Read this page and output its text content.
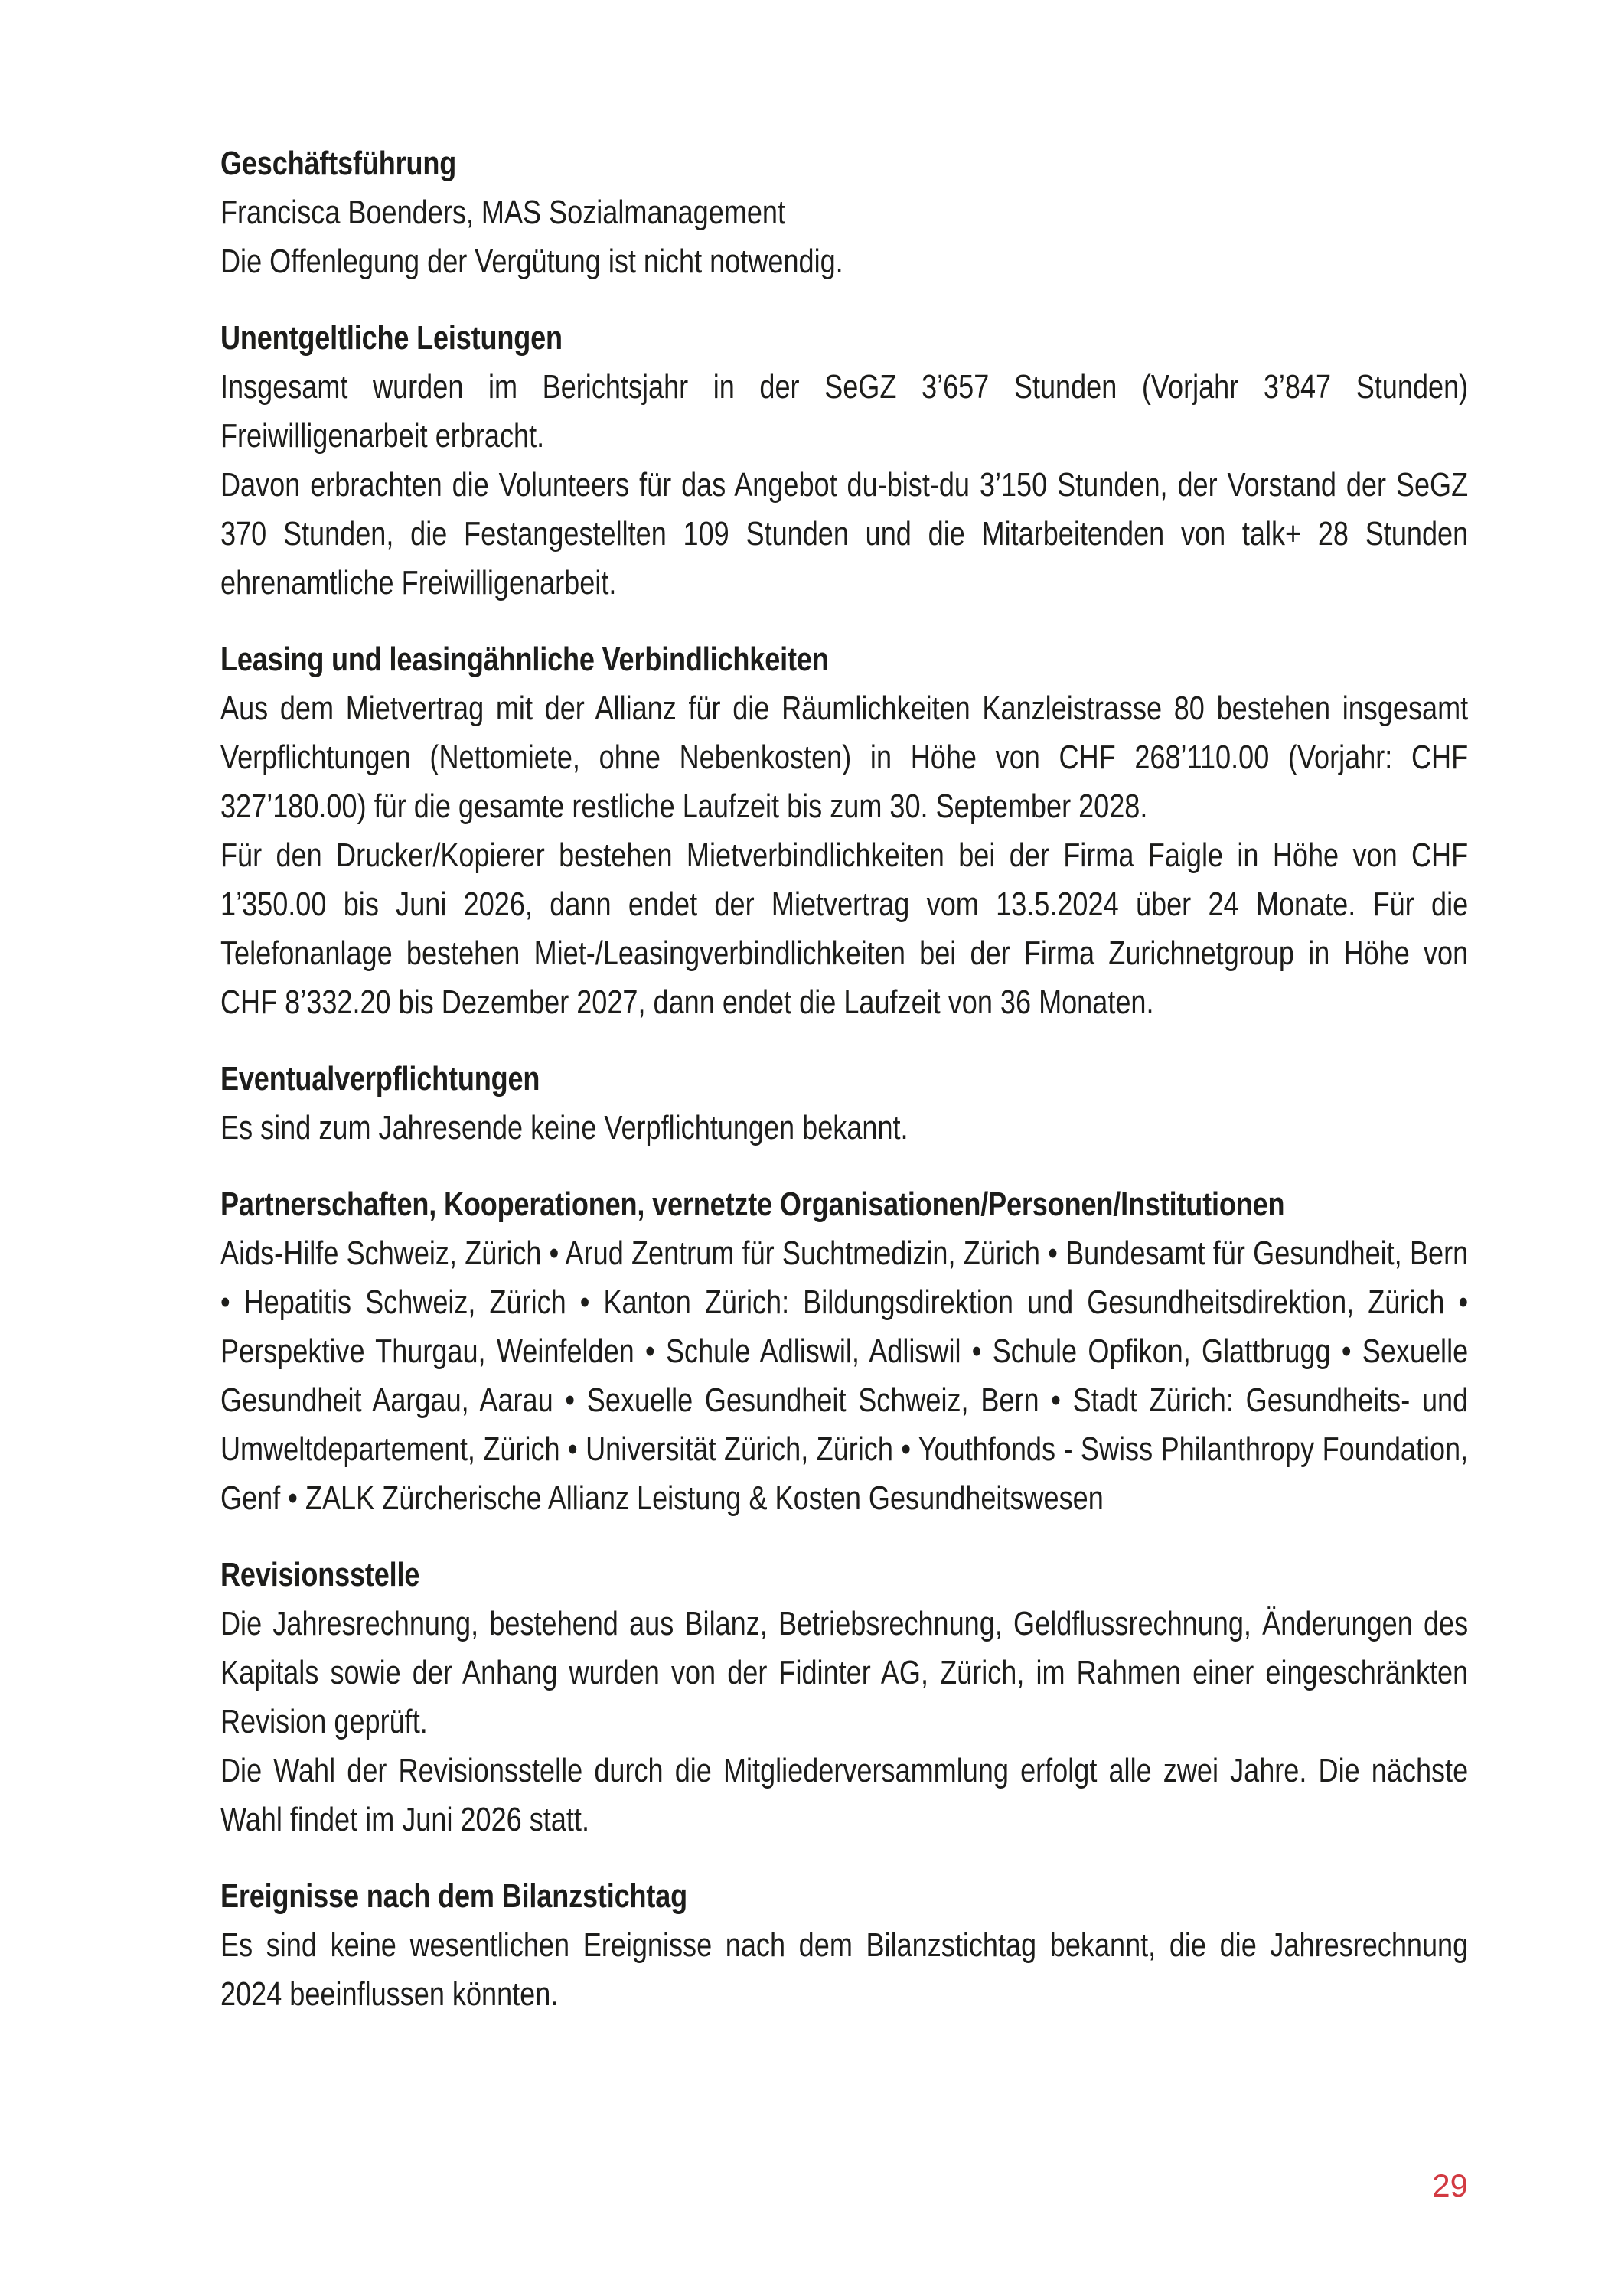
Geschäftsführung

Francisca Boenders, MAS Sozialmanagement

Die Offenlegung der Vergütung ist nicht notwendig.

Unentgeltliche Leistungen

Insgesamt wurden im Berichtsjahr in der SeGZ 3’657 Stunden (Vorjahr 3’847 Stunden) Freiwilligenarbeit erbracht.

Davon erbrachten die Volunteers für das Angebot du-bist-du 3’150 Stunden, der Vorstand der SeGZ 370 Stunden, die Festangestellten 109 Stunden und die Mitarbeitenden von talk+ 28 Stunden ehrenamtliche Freiwilligenarbeit.

Leasing und leasingähnliche Verbindlichkeiten

Aus dem Mietvertrag mit der Allianz für die Räumlichkeiten Kanzleistrasse 80 bestehen insgesamt Verpflichtungen (Nettomiete, ohne Nebenkosten) in Höhe von CHF 268’110.00 (Vorjahr: CHF 327’180.00) für die gesamte restliche Laufzeit bis zum 30. September 2028.

Für den Drucker/Kopierer bestehen Mietverbindlichkeiten bei der Firma Faigle in Höhe von CHF 1’350.00 bis Juni 2026, dann endet der Mietvertrag vom 13.5.2024 über 24 Monate. Für die Telefonanlage bestehen Miet-/Leasingverbindlichkeiten bei der Firma Zurichnetgroup in Höhe von CHF 8’332.20 bis Dezember 2027, dann endet die Laufzeit von 36 Monaten.

Eventualverpflichtungen

Es sind zum Jahresende keine Verpflichtungen bekannt.

Partnerschaften, Kooperationen, vernetzte Organisationen/Personen/Institutionen

Aids-Hilfe Schweiz, Zürich • Arud Zentrum für Suchtmedizin, Zürich • Bundesamt für Gesundheit, Bern • Hepatitis Schweiz, Zürich • Kanton Zürich: Bildungsdirektion und Gesundheitsdirektion, Zürich • Perspektive Thurgau, Weinfelden • Schule Adliswil, Adliswil • Schule Opfikon, Glattbrugg • Sexuelle Gesundheit Aargau, Aarau • Sexuelle Gesundheit Schweiz, Bern • Stadt Zürich: Gesundheits- und Umweltdepartement, Zürich • Universität Zürich, Zürich • Youthfonds - Swiss Philanthropy Foundation, Genf • ZALK Zürcherische Allianz Leistung & Kosten Gesundheitswesen

Revisionsstelle

Die Jahresrechnung, bestehend aus Bilanz, Betriebsrechnung, Geldflussrechnung, Änderungen des Kapitals sowie der Anhang wurden von der Fidinter AG, Zürich, im Rahmen einer eingeschränkten Revision geprüft.

Die Wahl der Revisionsstelle durch die Mitgliederversammlung erfolgt alle zwei Jahre. Die nächste Wahl findet im Juni 2026 statt.

Ereignisse nach dem Bilanzstichtag

Es sind keine wesentlichen Ereignisse nach dem Bilanzstichtag bekannt, die die Jahresrechnung 2024 beeinflussen könnten.

29
